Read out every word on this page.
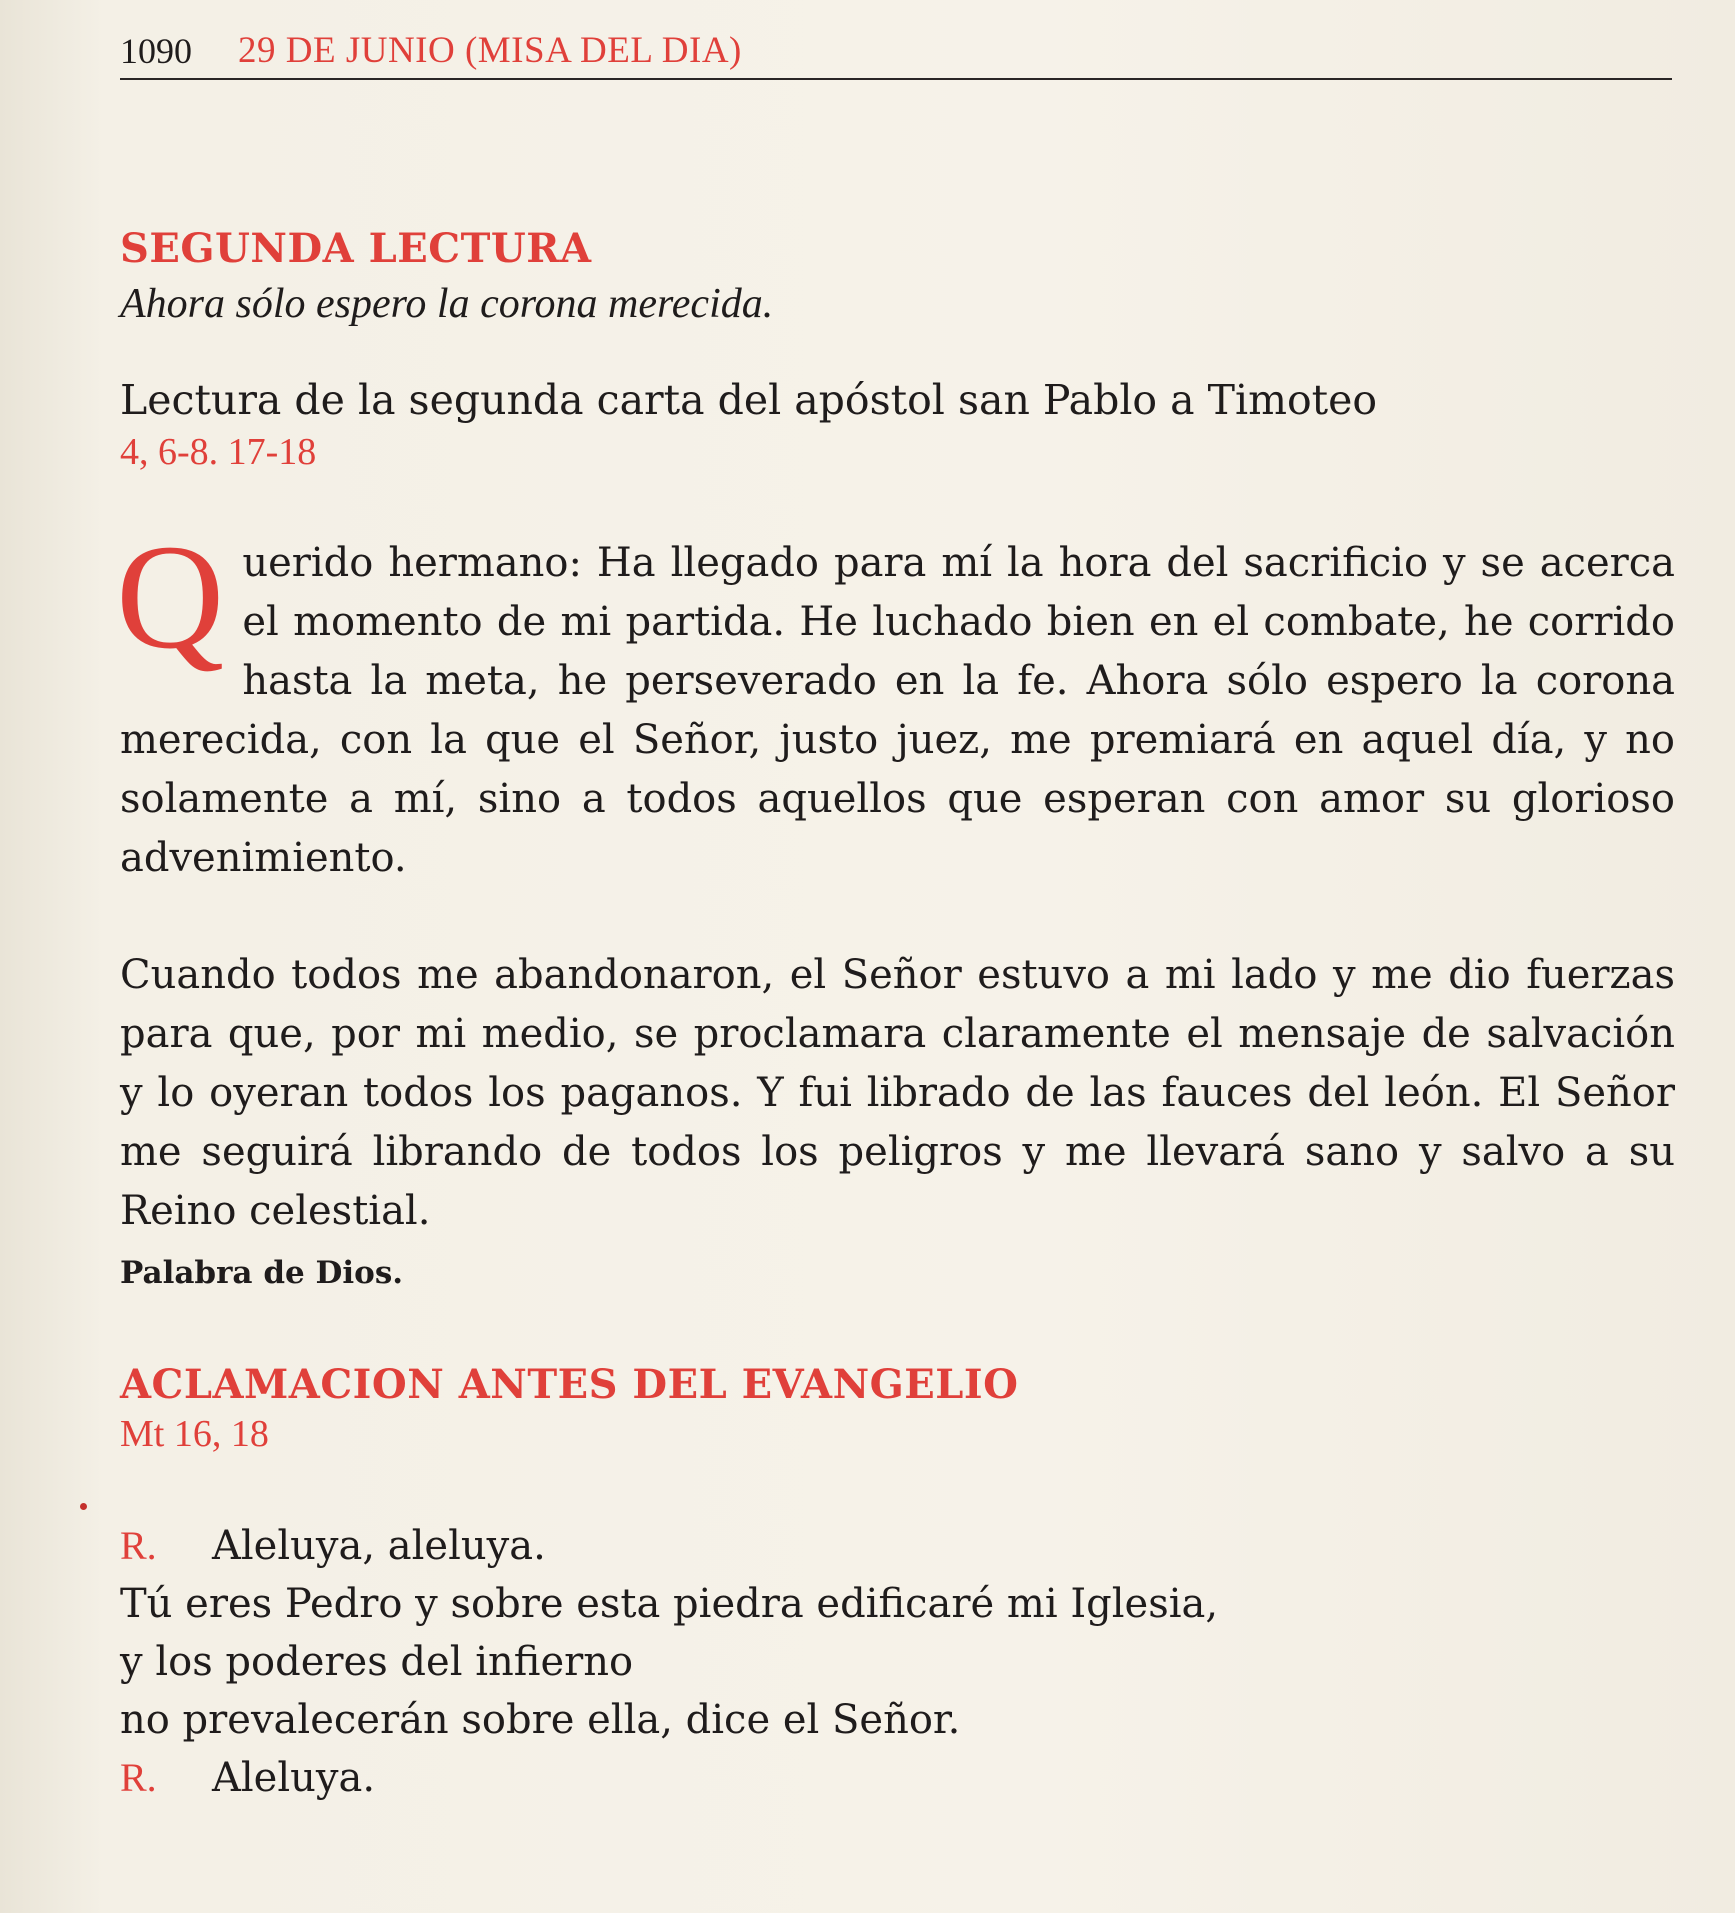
1090 29 DE JUNIO (MISA DEL DIA)
SEGUNDA LECTURA

Ahora sólo espero la corona merecida.

Lectura de la segunda carta del apóstol san Pablo a Timoteo

4, 6-8. 17-18

Querido hermano: Ha llegado para mí la hora del sacrificio y se acerca el momento de mi partida. He luchado bien en el combate, he corrido hasta la meta, he perseverado en la fe. Ahora sólo espero la corona merecida, con la que el Señor, justo juez, me premiará en aquel día, y no solamente a mí, sino a todos aquellos que esperan con amor su glorioso advenimiento.

Cuando todos me abandonaron, el Señor estuvo a mi lado y me dio fuerzas para que, por mi medio, se proclamara claramente el mensaje de salvación y lo oyeran todos los paganos. Y fui librado de las fauces del león. El Señor me seguirá librando de todos los peligros y me llevará sano y salvo a su Reino celestial.

Palabra de Dios.

ACLAMACION ANTES DEL EVANGELIO

Mt 16, 18

R. Aleluya, aleluya.

Tú eres Pedro y sobre esta piedra edificaré mi Iglesia,

y los poderes del infierno

no prevalecerán sobre ella, dice el Señor.

R. Aleluya.
